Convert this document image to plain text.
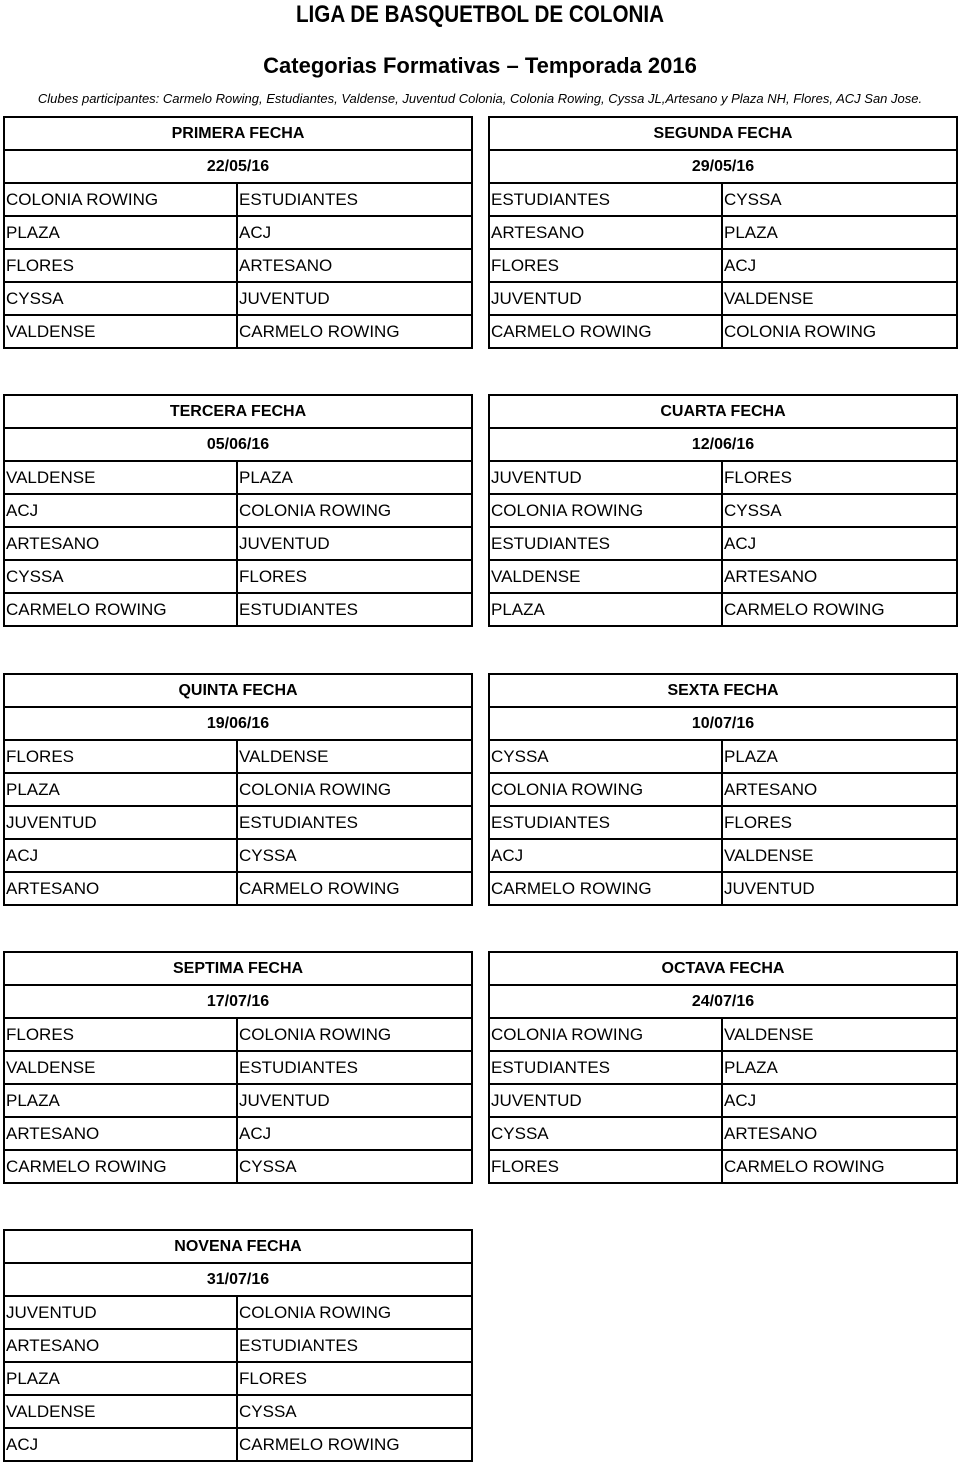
LIGA DE BASQUETBOL DE COLONIA
Categorias Formativas – Temporada 2016
Clubes participantes: Carmelo Rowing, Estudiantes, Valdense, Juventud Colonia, Colonia Rowing, Cyssa JL,Artesano y Plaza NH, Flores, ACJ San Jose.
PRIMERA FECHA	
22/05/16	
COLONIA ROWING	ESTUDIANTES
PLAZA	ACJ
FLORES	ARTESANO
CYSSA	JUVENTUD
VALDENSE	CARMELO ROWING
SEGUNDA FECHA	
29/05/16	
ESTUDIANTES	CYSSA
ARTESANO	PLAZA
FLORES	ACJ
JUVENTUD	VALDENSE
CARMELO ROWING	COLONIA ROWING
TERCERA FECHA	
05/06/16	
VALDENSE	PLAZA
ACJ	COLONIA ROWING
ARTESANO	JUVENTUD
CYSSA	FLORES
CARMELO ROWING	ESTUDIANTES
CUARTA FECHA	
12/06/16	
JUVENTUD	FLORES
COLONIA ROWING	CYSSA
ESTUDIANTES	ACJ
VALDENSE	ARTESANO
PLAZA	CARMELO ROWING
QUINTA FECHA	
19/06/16	
FLORES	VALDENSE
PLAZA	COLONIA ROWING
JUVENTUD	ESTUDIANTES
ACJ	CYSSA
ARTESANO	CARMELO ROWING
SEXTA FECHA	
10/07/16	
CYSSA	PLAZA
COLONIA ROWING	ARTESANO
ESTUDIANTES	FLORES
ACJ	VALDENSE
CARMELO ROWING	JUVENTUD
SEPTIMA FECHA	
17/07/16	
FLORES	COLONIA ROWING
VALDENSE	ESTUDIANTES
PLAZA	JUVENTUD
ARTESANO	ACJ
CARMELO ROWING	CYSSA
OCTAVA FECHA	
24/07/16	
COLONIA ROWING	VALDENSE
ESTUDIANTES	PLAZA
JUVENTUD	ACJ
CYSSA	ARTESANO
FLORES	CARMELO ROWING
NOVENA FECHA	
31/07/16	
JUVENTUD	COLONIA ROWING
ARTESANO	ESTUDIANTES
PLAZA	FLORES
VALDENSE	CYSSA
ACJ	CARMELO ROWING
